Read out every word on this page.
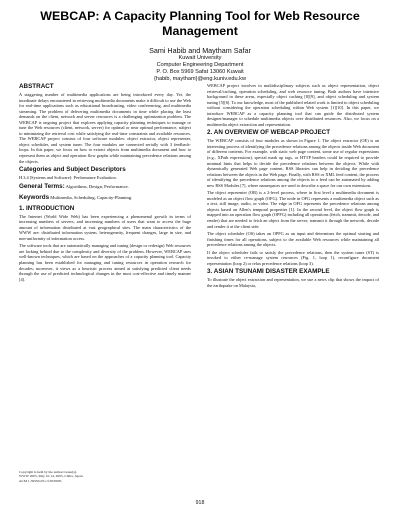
WEBCAP: A Capacity Planning Tool for Web Resource Management
Sami Habib and Maytham Safar
Kuwait University
Computer Engineering Department
P. O. Box 5969 Safat 13060 Kuwait
{habib, maytham}@eng.kuniv.edu.kw
ABSTRACT
A staggering number of multimedia applications are being introduced every day. Yet, the inordinate delays encountered in retrieving multimedia documents make it difficult to use the Web for real-time applications such as educational broadcasting, video conferencing, and multimedia streaming. The problem of delivering multimedia documents in time while placing the least demands on the client, network and server resources is a challenging optimization problem. The WEBCAP is ongoing project that explores applying capacity planning techniques to manage or tune the Web resources (client, network, server) for optimal or near optimal performance, subject to minimizing the retrieval cost while satisfying the real-time constraints and available resources. The WEBCAP project consists of four software modules: object extractor, object representer, object scheduler, and system tuner. The four modules are connected serially with 3 feedback-loops. In this paper, we focus on how to extract objects from multimedia document and how to represent them as object and operation flow graphs while maintaining precedence relations among the objects.
Categories and Subject Descriptors
H.3.4 [Systems and Software]: Performance Evaluation.
General Terms: Algorithms, Design, Performance.
Keywords Multimedia, Scheduling, Capacity-Planning.
1. INTRODUCTION
The Internet (World Wide Web) has been experiencing a phenomenal growth in terms of increasing numbers of servers, and increasing numbers of users that want to access the huge amount of information distributed at vast geographical sites. The main characteristics of the WWW are: distributed information system, heterogeneity, frequent changes, large in size, and non-uniformity of information access.
The software tools that are automatically managing and tuning (design or redesign) Web resources are lacking behind due to the complexity and diversity of the problem. However, WEBCAP uses well-known techniques, which are based on the approaches of a capacity planning tool. Capacity planning has been established for managing and tuning resources in operation research for decades; moreover, it views as a heuristic process aimed at satisfying predicted client needs through the use of predicted technological changes in the most cost-effective and timely manner [4].
Copyright is held by the author/owner(s).
WWW 2005, May 10-14, 2005, Chiba, Japan.
ACM 1-59593-051-5/05/0005.
WEBCAP project involves in multidisciplinary subjects such as object representation, object retrieval/caching, operation scheduling, and web resource tuning. Both authors have intensive background in these areas, especially object caching [8][9], and object scheduling and system tuning [5][6]. To our knowledge, most of the published related work is limited to object scheduling without considering the operation scheduling within Web system [1][10]. In this paper, we introduce WEBCAP as a capacity planning tool that can guide the distributed system designer/manager to schedule multimedia objects over distributed resources. Also, we focus on a multimedia object extraction and representation.
2. AN OVERVIEW OF WEBCAP PROJECT
The WEBCAP consists of four modules as shown in Figure 1. The object extractor (OE) is an interesting process of identifying the precedence relations among the objects inside Web document of different contents. For example, with static web page content, some use of regular expressions (e.g., XPath expressions), special mark up tags, or HTTP headers could be required to provide minimal hints that helps to decide the precedence relations between the objects. While with dynamically generated Web page content, RSS libraries can help in deciding the precedence relations between the objects in the Web page. Finally, with RSS or XML feed content, the process of identifying the precedence relations among the objects in a feed can be automated by adding new RSS Modules [7], where namespaces are used to describe a space for our own extensions.
The object representer (OR) is a 2-level process, where in first level a multimedia document is modeled as an object flow graph (OFG). The node in OFG represents a multimedia object such as a text, still image, audio, or video. The edge in OFG represents the precedence relations among objects based on Allen's temporal properties [1]. In the second level, the object flow graph is mapped into an operation flow graph (OPFG) including all operations (fetch, transmit, decode, and render) that are needed to fetch an object from the server, transmit it through the network, decode and render it at the client side.
The object scheduler (OS) takes an OPFG as an input and determines the optimal starting and finishing times for all operations, subject to the available Web resources while maintaining all precedence relations among the objects.
If the object scheduler fails to satisfy the precedence relations, then the system tuner (ST) is invoked to either re-manage system resources (Fig. 1, loop 1), reconfigure document representation (loop 2) or relax precedence relations (loop 3).
3. ASIAN TSUNAMI DISASTER EXAMPLE
To illustrate the object extraction and representation, we use a news clip that shows the impact of the earthquake on Malaysia,
918
